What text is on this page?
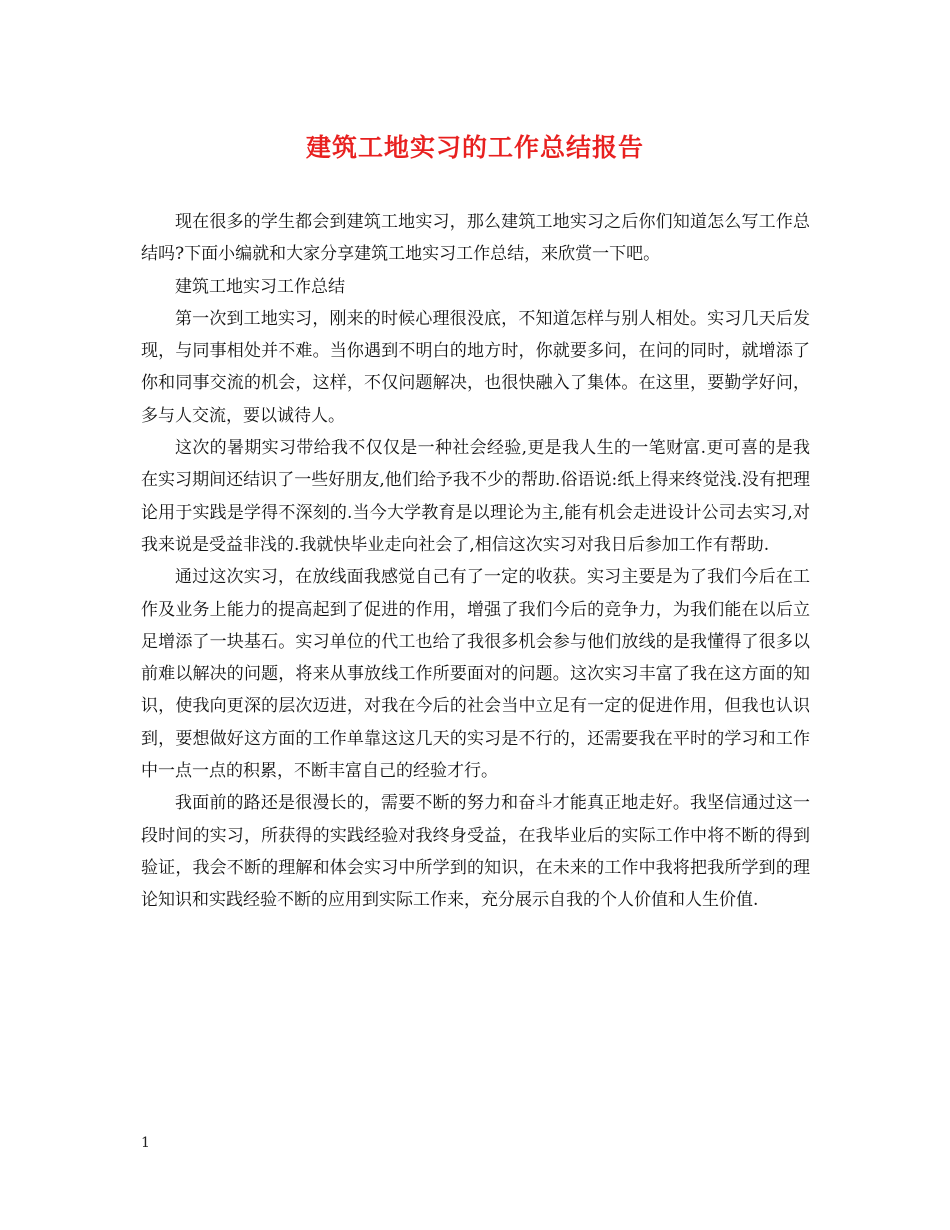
建筑工地实习的工作总结报告

现在很多的学生都会到建筑工地实习，那么建筑工地实习之后你们知道怎么写工作总结吗?下面小编就和大家分享建筑工地实习工作总结，来欣赏一下吧。

建筑工地实习工作总结

第一次到工地实习，刚来的时候心理很没底，不知道怎样与别人相处。实习几天后发现，与同事相处并不难。当你遇到不明白的地方时，你就要多问，在问的同时，就增添了你和同事交流的机会，这样，不仅问题解决，也很快融入了集体。在这里，要勤学好问，多与人交流，要以诚待人。

这次的暑期实习带给我不仅仅是一种社会经验,更是我人生的一笔财富.更可喜的是我在实习期间还结识了一些好朋友,他们给予我不少的帮助.俗语说:纸上得来终觉浅.没有把理论用于实践是学得不深刻的.当今大学教育是以理论为主,能有机会走进设计公司去实习,对我来说是受益非浅的.我就快毕业走向社会了,相信这次实习对我日后参加工作有帮助.

通过这次实习，在放线面我感觉自己有了一定的收获。实习主要是为了我们今后在工作及业务上能力的提高起到了促进的作用，增强了我们今后的竞争力，为我们能在以后立足增添了一块基石。实习单位的代工也给了我很多机会参与他们放线的是我懂得了很多以前难以解决的问题，将来从事放线工作所要面对的问题。这次实习丰富了我在这方面的知识，使我向更深的层次迈进，对我在今后的社会当中立足有一定的促进作用，但我也认识到，要想做好这方面的工作单靠这这几天的实习是不行的，还需要我在平时的学习和工作中一点一点的积累，不断丰富自己的经验才行。

我面前的路还是很漫长的，需要不断的努力和奋斗才能真正地走好。我坚信通过这一段时间的实习，所获得的实践经验对我终身受益，在我毕业后的实际工作中将不断的得到验证，我会不断的理解和体会实习中所学到的知识，在未来的工作中我将把我所学到的理论知识和实践经验不断的应用到实际工作来，充分展示自我的个人价值和人生价值.

1
